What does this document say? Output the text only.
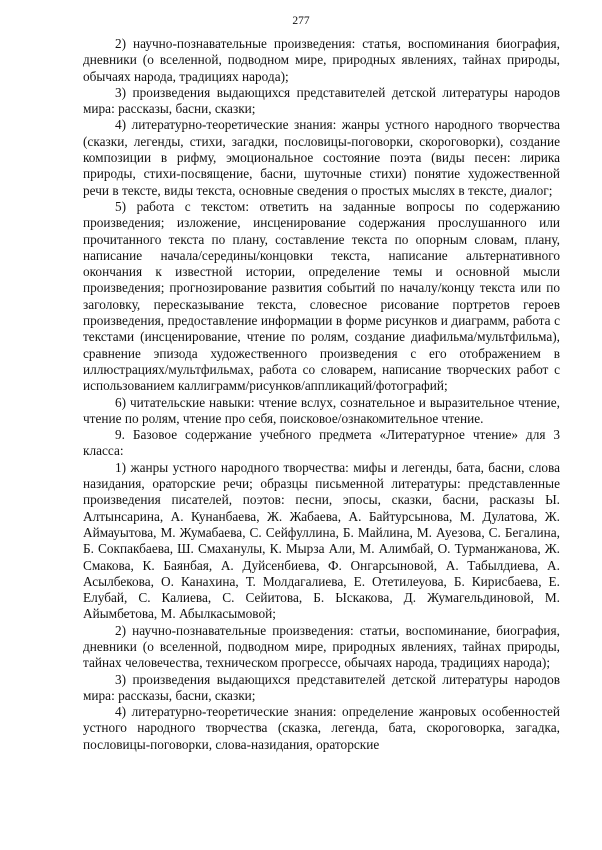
277

2) научно-познавательные произведения: статья, воспоминания биография, дневники (о вселенной, подводном мире, природных явлениях, тайнах природы, обычаях народа, традициях народа);

3) произведения выдающихся представителей детской литературы народов мира: рассказы, басни, сказки;

4) литературно-теоретические знания: жанры устного народного творчества (сказки, легенды, стихи, загадки, пословицы-поговорки, скороговорки), создание композиции в рифму, эмоциональное состояние поэта (виды песен: лирика природы, стихи-посвящение, басни, шуточные стихи) понятие художественной речи в тексте, виды текста, основные сведения о простых мыслях в тексте, диалог;

5) работа с текстом: ответить на заданные вопросы по содержанию произведения; изложение, инсценирование содержания прослушанного или прочитанного текста по плану, составление текста по опорным словам, плану, написание начала/середины/концовки текста, написание альтернативного окончания к известной истории, определение темы и основной мысли произведения; прогнозирование развития событий по началу/концу текста или по заголовку, пересказывание текста, словесное рисование портретов героев произведения, предоставление информации в форме рисунков и диаграмм, работа с текстами (инсценирование, чтение по ролям, создание диафильма/мультфильма), сравнение эпизода художественного произведения с его отображением в иллюстрациях/мультфильмах, работа со словарем, написание творческих работ с использованием каллиграмм/рисунков/аппликаций/фотографий;

6) читательские навыки: чтение вслух, сознательное и выразительное чтение, чтение по ролям, чтение про себя, поисковое/ознакомительное чтение.

9. Базовое содержание учебного предмета «Литературное чтение» для 3 класса:

1) жанры устного народного творчества: мифы и легенды, бата, басни, слова назидания, ораторские речи; образцы письменной литературы: представленные произведения писателей, поэтов: песни, эпосы, сказки, басни, расказы Ы. Алтынсарина, А. Кунанбаева, Ж. Жабаева, А. Байтурсынова, М. Дулатова, Ж. Аймауытова, М. Жумабаева, С. Сейфуллина, Б. Майлина, М. Ауезова, С. Бегалина, Б. Сокпакбаева, Ш. Смаханулы, К. Мырза Али, М. Алимбай, О. Турманжанова, Ж. Смакова, К. Баянбая, А. Дуйсенбиева, Ф. Онгарсыновой, А. Табылдиева, А. Асылбекова, О. Канахина, Т. Молдагалиева, Е. Отетилеуова, Б. Кирисбаева, Е. Елубай, С. Калиева, С. Сейитова, Б. Ыскакова, Д. Жумагельдиновой, М. Айымбетова, М. Абылкасымовой;

2) научно-познавательные произведения: статьи, воспоминание, биография, дневники (о вселенной, подводном мире, природных явлениях, тайнах природы, тайнах человечества, техническом прогрессе, обычаях народа, традициях народа);

3) произведения выдающихся представителей детской литературы народов мира: рассказы, басни, сказки;

4) литературно-теоретические знания: определение жанровых особенностей устного народного творчества (сказка, легенда, бата, скороговорка, загадка, пословицы-поговорки, слова-назидания, ораторские
